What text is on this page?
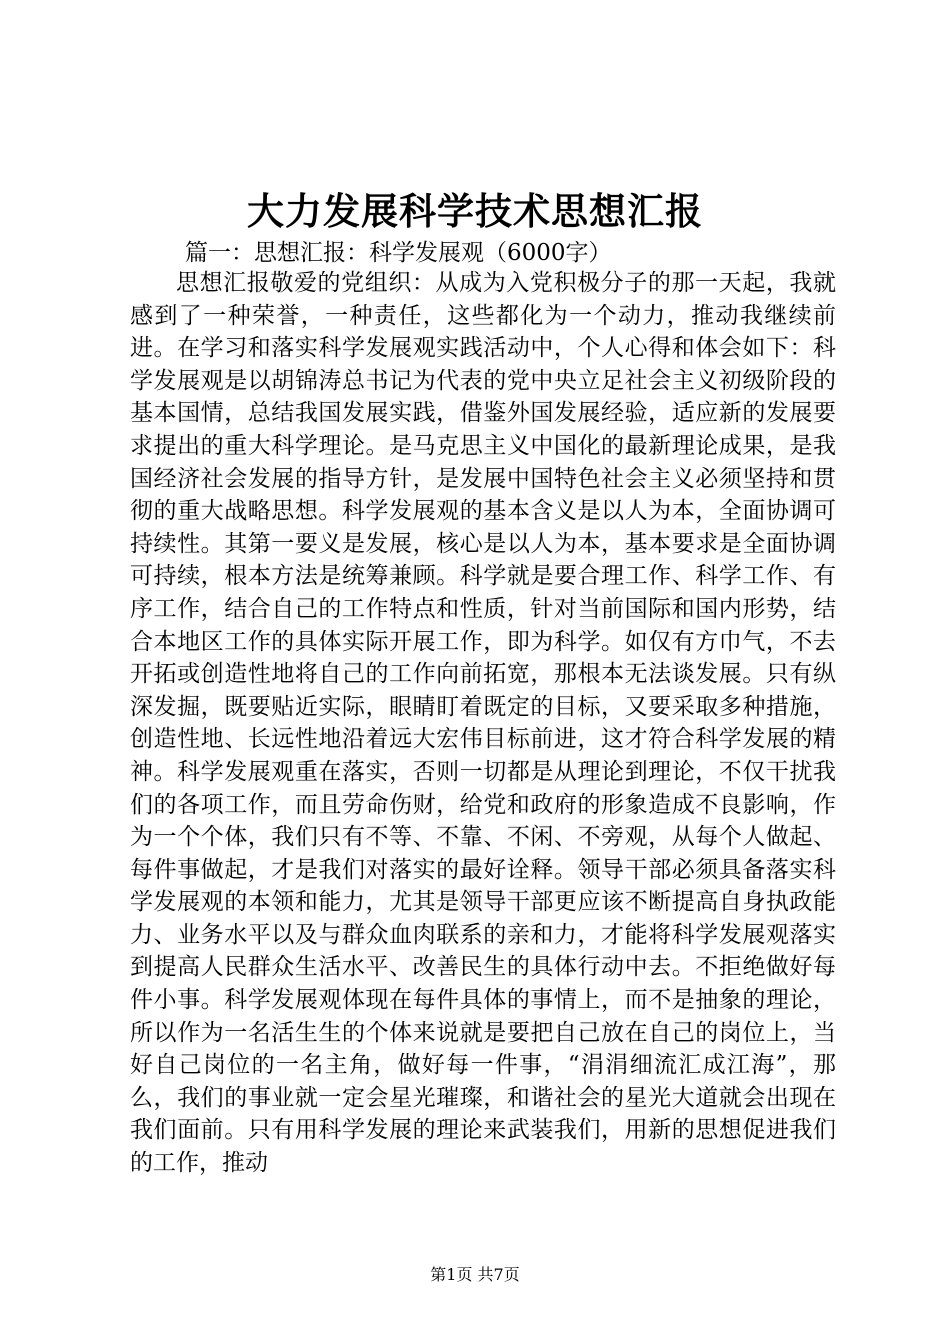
大力发展科学技术思想汇报

篇一：思想汇报：科学发展观（6000字）

思想汇报敬爱的党组织：从成为入党积极分子的那一天起，我就感到了一种荣誉，一种责任，这些都化为一个动力，推动我继续前进。在学习和落实科学发展观实践活动中，个人心得和体会如下：科学发展观是以胡锦涛总书记为代表的党中央立足社会主义初级阶段的基本国情，总结我国发展实践，借鉴外国发展经验，适应新的发展要求提出的重大科学理论。是马克思主义中国化的最新理论成果，是我国经济社会发展的指导方针，是发展中国特色社会主义必须坚持和贯彻的重大战略思想。科学发展观的基本含义是以人为本，全面协调可持续性。其第一要义是发展，核心是以人为本，基本要求是全面协调可持续，根本方法是统筹兼顾。科学就是要合理工作、科学工作、有序工作，结合自己的工作特点和性质，针对当前国际和国内形势，结合本地区工作的具体实际开展工作，即为科学。如仅有方巾气，不去开拓或创造性地将自己的工作向前拓宽，那根本无法谈发展。只有纵深发掘，既要贴近实际，眼睛盯着既定的目标，又要采取多种措施，创造性地、长远性地沿着远大宏伟目标前进，这才符合科学发展的精神。科学发展观重在落实，否则一切都是从理论到理论，不仅干扰我们的各项工作，而且劳命伤财，给党和政府的形象造成不良影响，作为一个个体，我们只有不等、不靠、不闲、不旁观，从每个人做起、每件事做起，才是我们对落实的最好诠释。领导干部必须具备落实科学发展观的本领和能力，尤其是领导干部更应该不断提高自身执政能力、业务水平以及与群众血肉联系的亲和力，才能将科学发展观落实到提高人民群众生活水平、改善民生的具体行动中去。不拒绝做好每件小事。科学发展观体现在每件具体的事情上，而不是抽象的理论，所以作为一名活生生的个体来说就是要把自己放在自己的岗位上，当好自己岗位的一名主角，做好每一件事，“涓涓细流汇成江海”，那么，我们的事业就一定会星光璀璨，和谐社会的星光大道就会出现在我们面前。只有用科学发展的理论来武装我们，用新的思想促进我们的工作，推动

第1页 共7页
